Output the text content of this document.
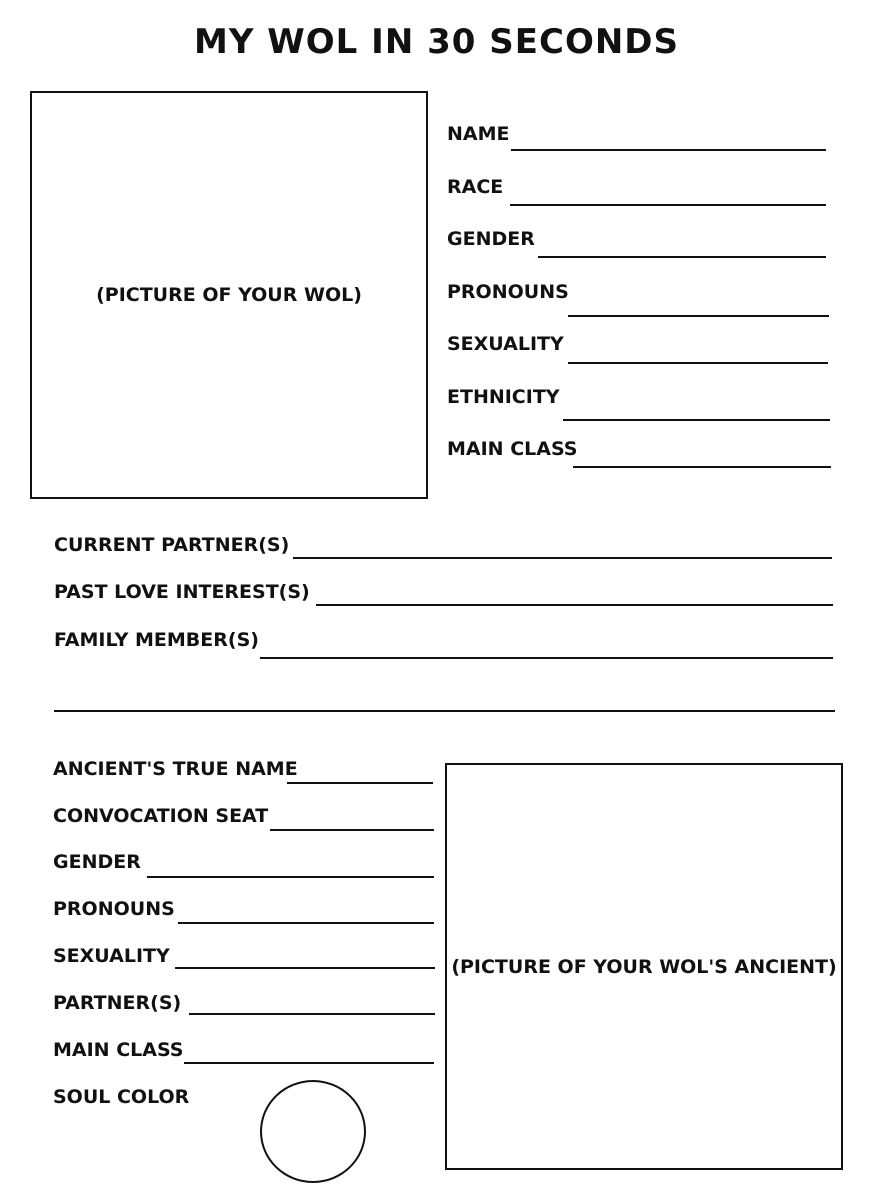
MY WOL IN 30 SECONDS
(PICTURE OF YOUR WOL)
NAME
RACE
GENDER
PRONOUNS
SEXUALITY
ETHNICITY
MAIN CLASS
CURRENT PARTNER(S)
PAST LOVE INTEREST(S)
FAMILY MEMBER(S)
ANCIENT'S TRUE NAME
CONVOCATION SEAT
GENDER
PRONOUNS
SEXUALITY
PARTNER(S)
MAIN CLASS
SOUL COLOR
(PICTURE OF YOUR WOL'S ANCIENT)
